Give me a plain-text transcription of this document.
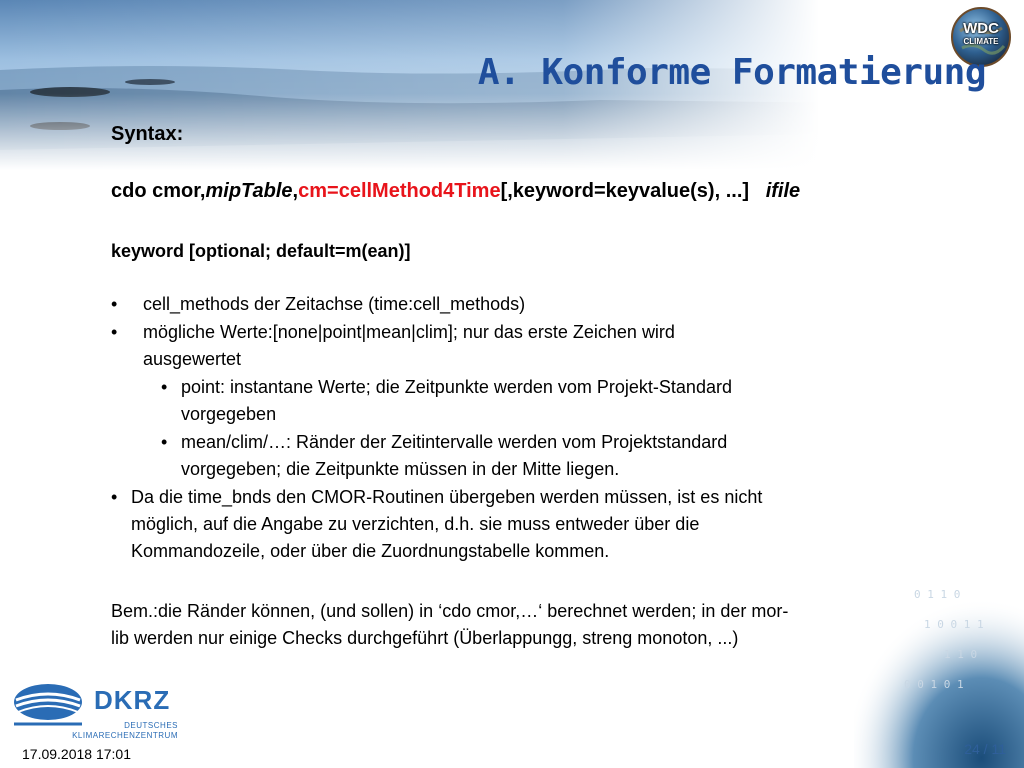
0 1 1 0
1 0 0 1 1
1 1 0
0 0 1 0 1
WDC
CLIMATE
A. Konforme Formatierung
Syntax:
cdo cmor,mipTable,cm=cellMethod4Time[,keyword=keyvalue(s), ...] ifile
keyword [optional; default=m(ean)]
• cell_methods der Zeitachse (time:cell_methods)
• mögliche Werte:[none|point|mean|clim]; nur das erste Zeichen wird
ausgewertet
• point: instantane Werte; die Zeitpunkte werden vom Projekt-Standard
vorgegeben
• mean/clim/…: Ränder der Zeitintervalle werden vom Projektstandard
vorgegeben; die Zeitpunkte müssen in der Mitte liegen.
• Da die time_bnds den CMOR-Routinen übergeben werden müssen, ist es nicht
möglich, auf die Angabe zu verzichten, d.h. sie muss entweder über die
Kommandozeile, oder über die Zuordnungstabelle kommen.
Bem.:die Ränder können, (und sollen) in ‘cdo cmor,…‘ berechnet werden; in der mor-
lib werden nur einige Checks durchgeführt (Überlappungg, streng monoton, ...)
DKRZ
DEUTSCHES
KLIMARECHENZENTRUM
17.09.2018 17:01	24 / 11
